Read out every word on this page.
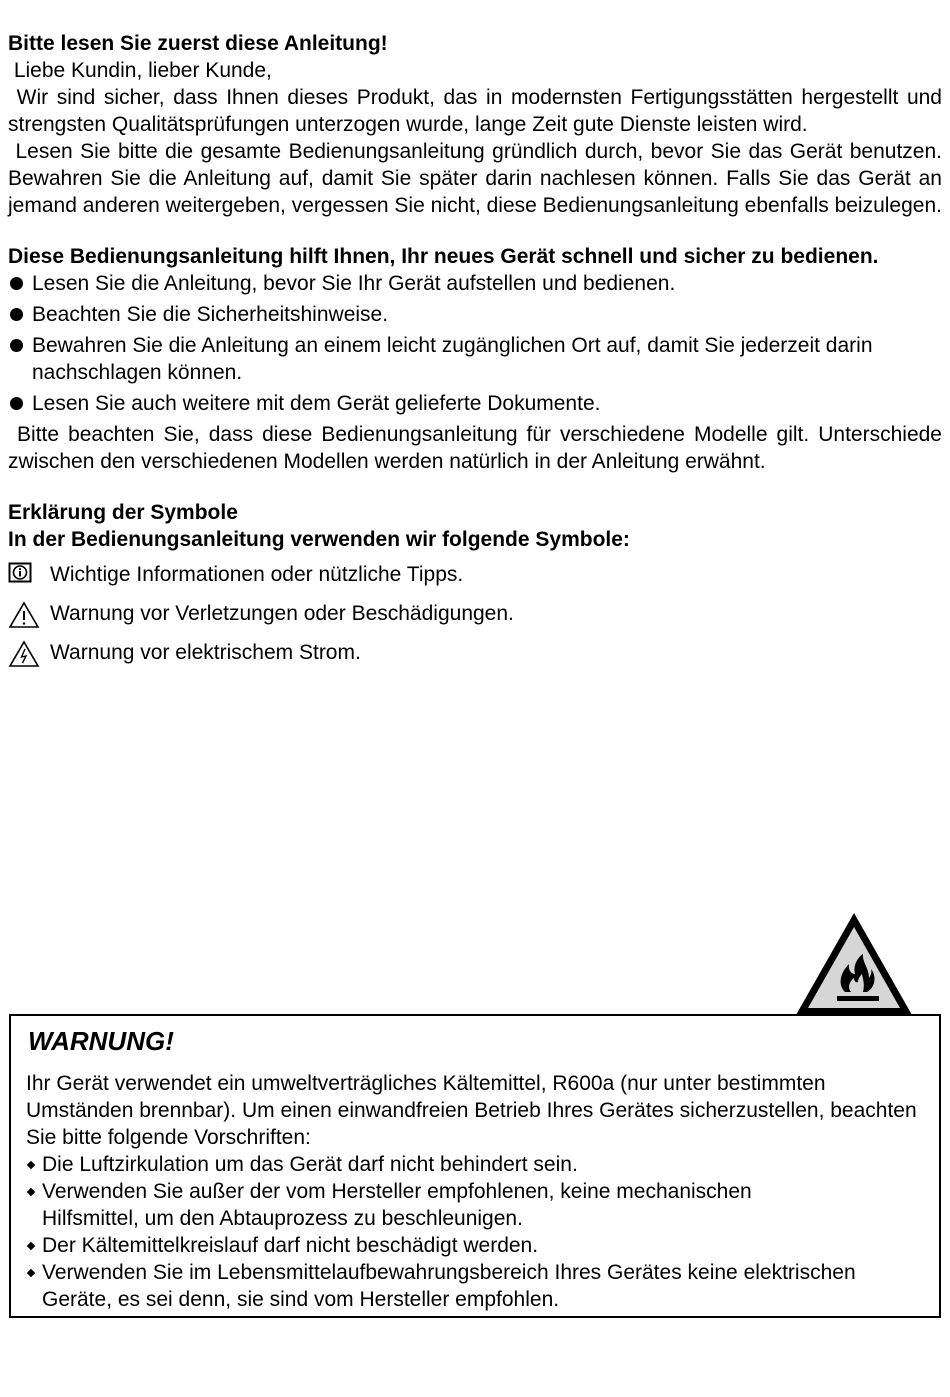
Bitte lesen Sie zuerst diese Anleitung!

Liebe Kundin, lieber Kunde,

Wir sind sicher, dass Ihnen dieses Produkt, das in modernsten Fertigungsstätten hergestellt und strengsten Qualitätsprüfungen unterzogen wurde, lange Zeit gute Dienste leisten wird.

Lesen Sie bitte die gesamte Bedienungsanleitung gründlich durch, bevor Sie das Gerät benutzen. Bewahren Sie die Anleitung auf, damit Sie später darin nachlesen können. Falls Sie das Gerät an jemand anderen weitergeben, vergessen Sie nicht, diese Bedienungsanleitung ebenfalls beizulegen.

Diese Bedienungsanleitung hilft Ihnen, Ihr neues Gerät schnell und sicher zu bedienen.
Lesen Sie die Anleitung, bevor Sie Ihr Gerät aufstellen und bedienen.
Beachten Sie die Sicherheitshinweise.
Bewahren Sie die Anleitung an einem leicht zugänglichen Ort auf, damit Sie jederzeit darin nachschlagen können.
Lesen Sie auch weitere mit dem Gerät gelieferte Dokumente.

Bitte beachten Sie, dass diese Bedienungsanleitung für verschiedene Modelle gilt. Unterschiede zwischen den verschiedenen Modellen werden natürlich in der Anleitung erwähnt.

Erklärung der Symbole
In der Bedienungsanleitung verwenden wir folgende Symbole:
Wichtige Informationen oder nützliche Tipps.
Warnung vor Verletzungen oder Beschädigungen.
Warnung vor elektrischem Strom.
WARNUNG!

Ihr Gerät verwendet ein umweltverträgliches Kältemittel, R600a (nur unter bestimmten Umständen brennbar). Um einen einwandfreien Betrieb Ihres Gerätes sicherzustellen, beachten Sie bitte folgende Vorschriften:

Die Luftzirkulation um das Gerät darf nicht behindert sein.
Verwenden Sie außer der vom Hersteller empfohlenen, keine mechanischen Hilfsmittel, um den Abtauprozess zu beschleunigen.
Der Kältemittelkreislauf darf nicht beschädigt werden.
Verwenden Sie im Lebensmittelaufbewahrungsbereich Ihres Gerätes keine elektrischen Geräte, es sei denn, sie sind vom Hersteller empfohlen.
